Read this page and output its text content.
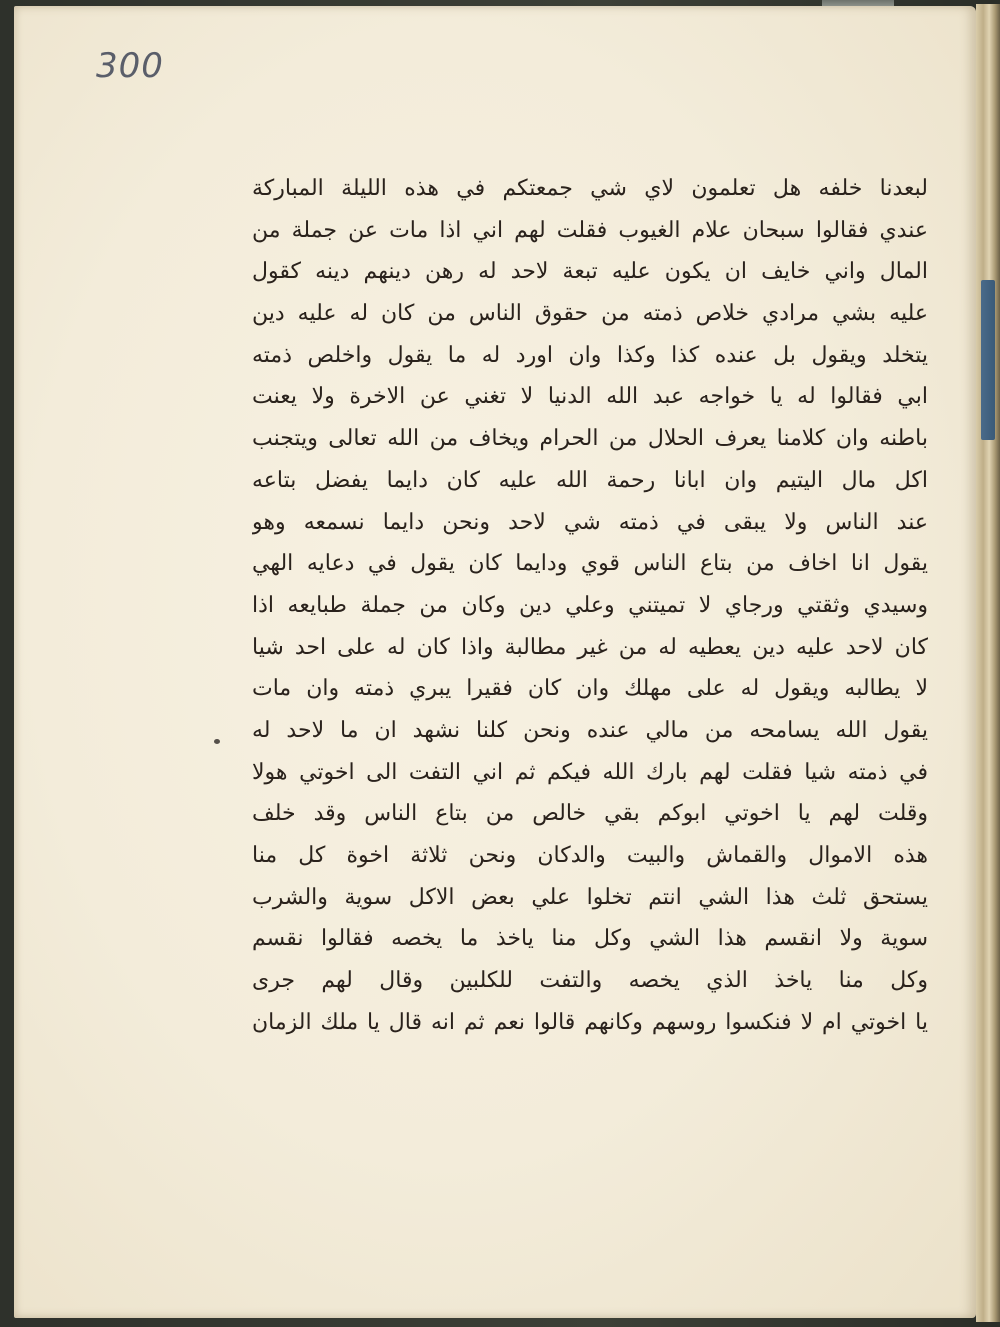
300
لبعدنا خلفه هل تعلمون لاي شي جمعتكم في هذه الليلة المباركة
عندي فقالوا سبحان علام الغيوب فقلت لهم اني اذا مات عن جملة من
المال واني خايف ان يكون عليه تبعة لاحد له رهن دينهم دينه كقول
عليه بشي مرادي خلاص ذمته من حقوق الناس من كان له عليه دين
يتخلد ويقول بل عنده كذا وكذا وان اورد له ما يقول واخلص ذمته
ابي فقالوا له يا خواجه عبد الله الدنيا لا تغني عن الاخرة ولا يعنت
باطنه وان كلامنا يعرف الحلال من الحرام ويخاف من الله تعالى ويتجنب
اكل مال اليتيم وان ابانا رحمة الله عليه كان دايما يفضل بتاعه
عند الناس ولا يبقى في ذمته شي لاحد ونحن دايما نسمعه وهو
يقول انا اخاف من بتاع الناس قوي ودايما كان يقول في دعايه الهي
وسيدي وثقتي ورجاي لا تميتني وعلي دين وكان من جملة طبايعه اذا
كان لاحد عليه دين يعطيه له من غير مطالبة واذا كان له على احد شيا
لا يطالبه ويقول له على مهلك وان كان فقيرا يبري ذمته وان مات
يقول الله يسامحه من مالي عنده ونحن كلنا نشهد ان ما لاحد له
في ذمته شيا فقلت لهم بارك الله فيكم ثم اني التفت الى اخوتي هولا
وقلت لهم يا اخوتي ابوكم بقي خالص من بتاع الناس وقد خلف
هذه الاموال والقماش والبيت والدكان ونحن ثلاثة اخوة كل منا
يستحق ثلث هذا الشي انتم تخلوا علي بعض الاكل سوية والشرب
سوية ولا انقسم هذا الشي وكل منا ياخذ ما يخصه فقالوا نقسم
وكل منا ياخذ الذي يخصه والتفت للكلبين وقال لهم جرى
يا اخوتي ام لا فنكسوا روسهم وكانهم قالوا نعم ثم انه قال يا ملك الزمان
